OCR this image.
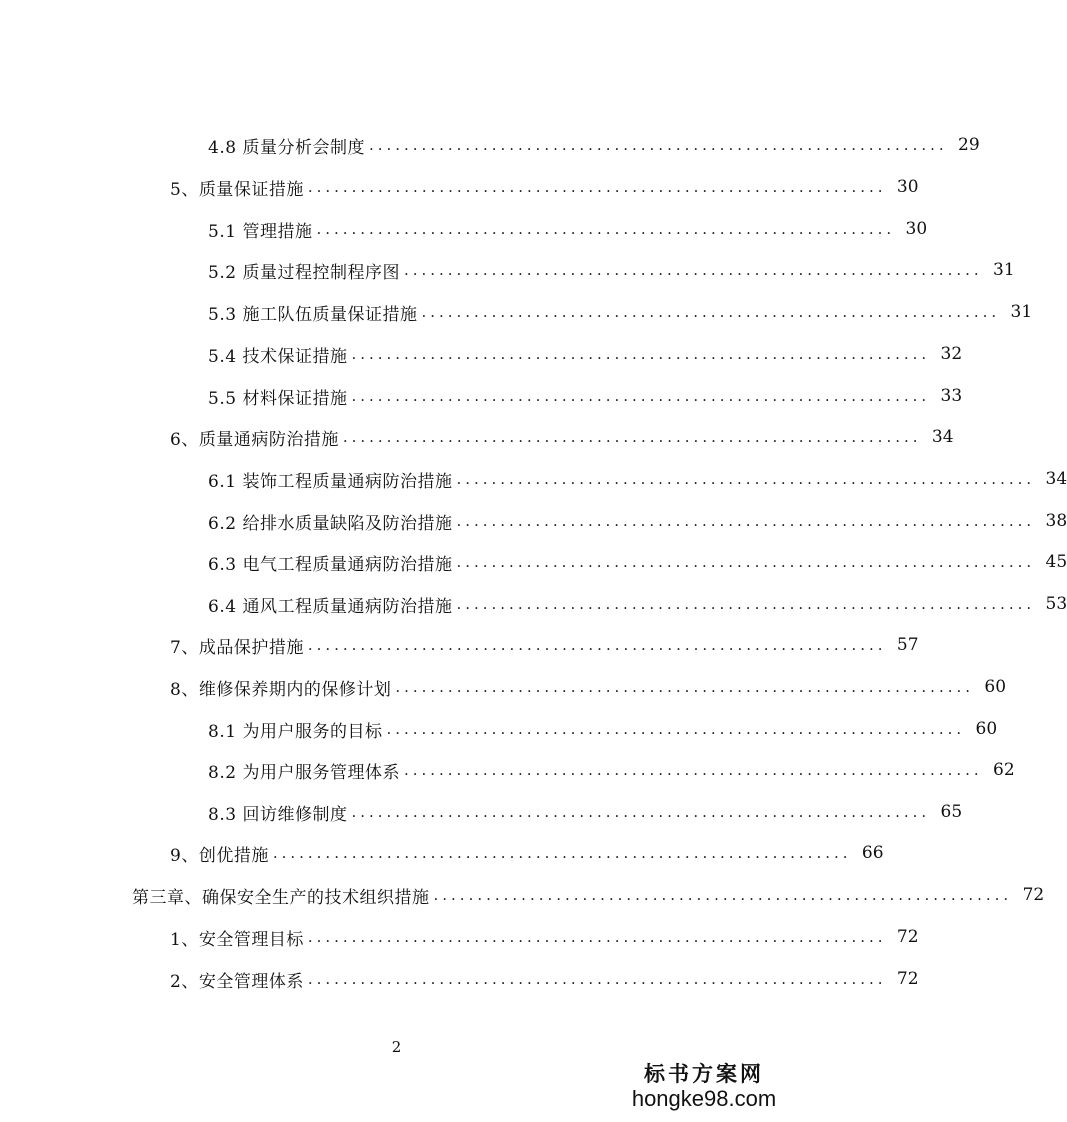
4.8 质量分析会制度 .................................................................. 29
5、质量保证措施 .................................................................. 30
5.1 管理措施 .................................................................. 30
5.2 质量过程控制程序图 .................................................................. 31
5.3 施工队伍质量保证措施 .................................................................. 31
5.4 技术保证措施 .................................................................. 32
5.5 材料保证措施 .................................................................. 33
6、质量通病防治措施 .................................................................. 34
6.1 装饰工程质量通病防治措施 .................................................................. 34
6.2 给排水质量缺陷及防治措施 .................................................................. 38
6.3 电气工程质量通病防治措施 .................................................................. 45
6.4 通风工程质量通病防治措施 .................................................................. 53
7、成品保护措施 .................................................................. 57
8、维修保养期内的保修计划 .................................................................. 60
8.1 为用户服务的目标 .................................................................. 60
8.2 为用户服务管理体系 .................................................................. 62
8.3 回访维修制度 .................................................................. 65
9、创优措施 .................................................................. 66
第三章、确保安全生产的技术组织措施 .................................................................. 72
1、安全管理目标 .................................................................. 72
2、安全管理体系 .................................................................. 72
2
标书方案网
hongke98.com
